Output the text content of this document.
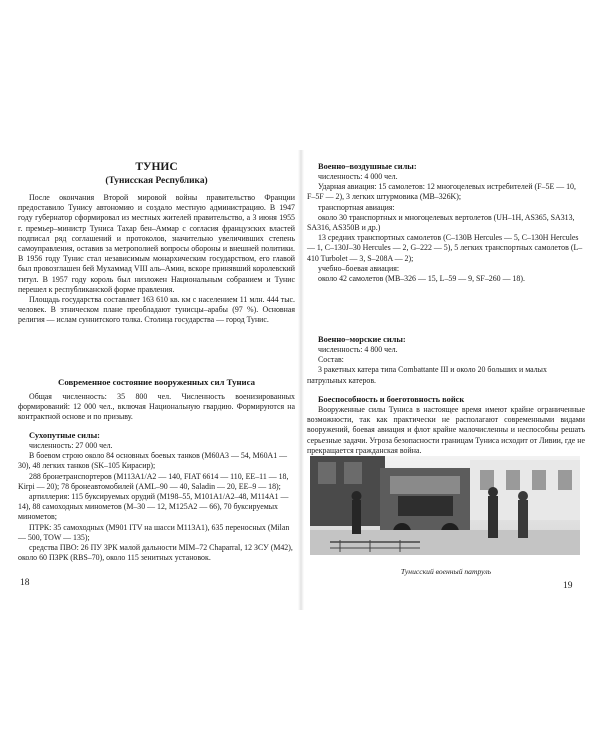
ТУНИС
(Тунисская Республика)

После окончания Второй мировой войны правительство Франции предоставило Тунису автономию и создало местную администрацию. В 1947 году губернатор сформировал из местных жителей правительство, а 3 июня 1955 г. премьер–министр Туниса Тахар бен–Аммар с согласия французских властей подписал ряд соглашений и протоколов, значительно увеличивших степень самоуправления, оставив за метрополией вопросы обороны и внешней политики. В 1956 году Тунис стал независимым монархическим государством, его главой был провозглашен бей Мухаммад VIII аль–Амин, вскоре принявший королевский титул. В 1957 году король был низложен Национальным собранием и Тунис перешел к республиканской форме правления.

Площадь государства составляет 163 610 кв. км с населением 11 млн. 444 тыс. человек. В этническом плане преобладают тунисцы–арабы (97 %). Основная религия — ислам суннитского толка. Столица государства — город Тунис.

Современное состояние вооруженных сил Туниса

Общая численность: 35 800 чел. Численность военизированных формирований: 12 000 чел., включая Национальную гвардию. Формируются на контрактной основе и по призыву.

Сухопутные силы:

численность: 27 000 чел.

В боевом строю около 84 основных боевых танков (M60A3 — 54, M60A1 — 30), 48 легких танков (SK–105 Кирасир);

288 бронетранспортеров (M113A1/A2 — 140, FIAT 6614 — 110, EE–11 — 18, Kirpi — 20); 78 бронеавтомобилей (AML–90 — 40, Saladin — 20, EE–9 — 18);

артиллерия: 115 буксируемых орудий (M198–55, M101A1/A2–48, M114A1 — 14), 88 самоходных минометов (M–30 — 12, M125A2 — 66), 70 буксируемых минометов;

ПТРК: 35 самоходных (M901 ITV на шасси M113A1), 635 переносных (Milan — 500, TOW — 135);

средства ПВО: 26 ПУ ЗРК малой дальности MIM–72 Chaparral, 12 ЗСУ (M42), около 60 ПЗРК (RBS–70), около 115 зенитных установок.

18
Военно–воздушные силы:

численность: 4 000 чел.

Ударная авиация: 15 самолетов: 12 многоцелевых истребителей (F–5E — 10, F–5F — 2), 3 легких штурмовика (MB–326K);

транспортная авиация:

около 30 транспортных и многоцелевых вертолетов (UH–1H, AS365, SA313, SA316, AS350B и др.)

13 средних транспортных самолетов (C–130B Hercules — 5, C–130H Hercules — 1, C–130J–30 Hercules — 2, G–222 — 5), 5 легких транспортных самолетов (L–410 Turbolet — 3, S–208A — 2);

учебно–боевая авиация:

около 42 самолетов (MB–326 — 15, L–59 — 9, SF–260 — 18).

Военно–морские силы:

численность: 4 800 чел.

Состав:

3 ракетных катера типа Combattante III и около 20 больших и малых патрульных катеров.

Боеспособность и боеготовность войск

Вооруженные силы Туниса в настоящее время имеют крайне ограниченные возможности, так как практически не располагают современными видами вооружений, боевая авиация и флот крайне малочисленны и неспособны решать серьезные задачи. Угроза безопасности границам Туниса исходит от Ливии, где не прекращается гражданская война.

Тунисский военный патруль
19
